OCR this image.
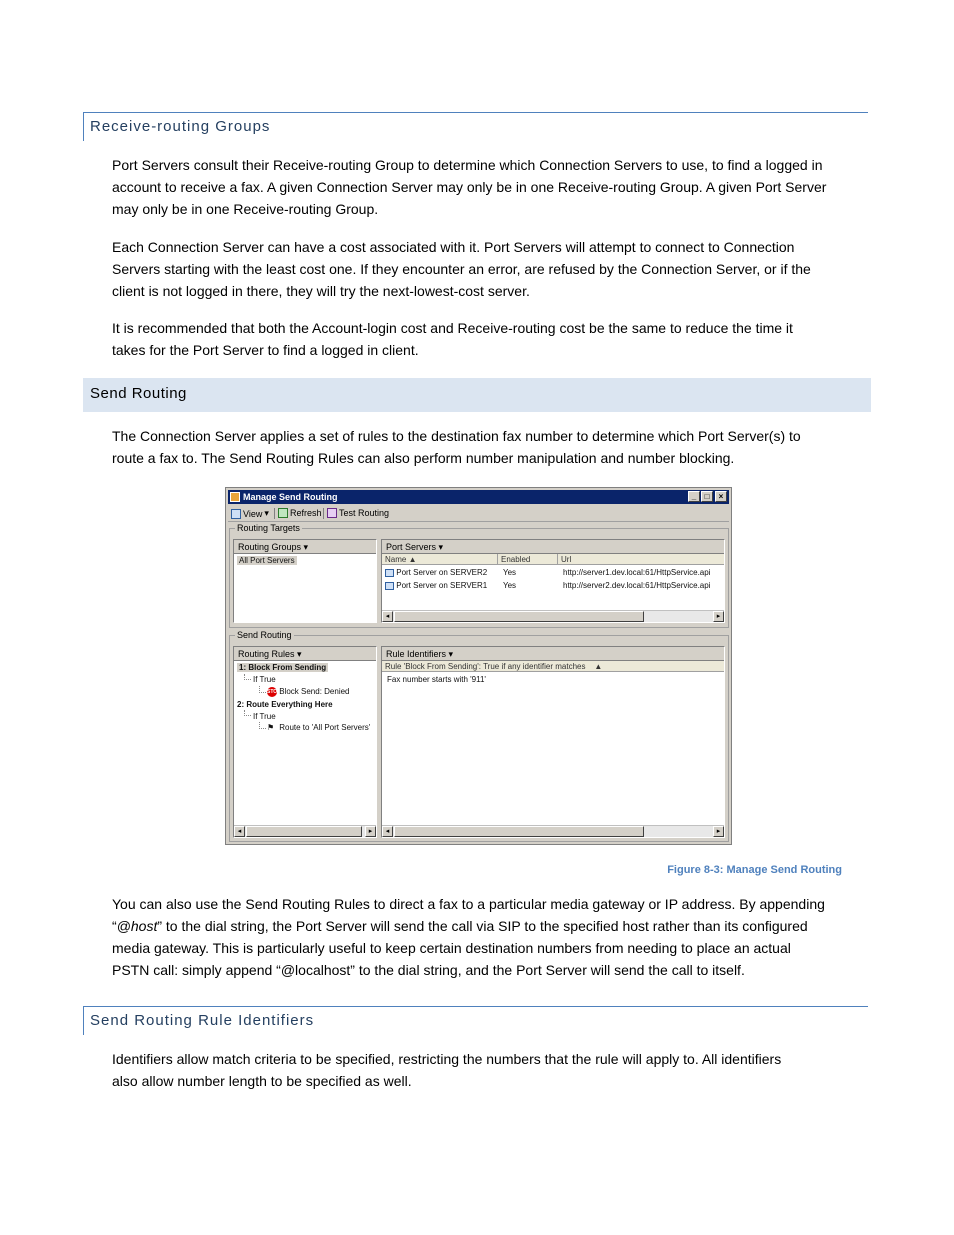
Receive-routing Groups
Port Servers consult their Receive-routing Group to determine which Connection Servers to use, to find a logged in
account to receive a fax. A given Connection Server may only be in one Receive-routing Group. A given Port Server
may only be in one Receive-routing Group.
Each Connection Server can have a cost associated with it. Port Servers will attempt to connect to Connection
Servers starting with the least cost one. If they encounter an error, are refused by the Connection Server, or if the
client is not logged in there, they will try the next-lowest-cost server.
It is recommended that both the Account-login cost and Receive-routing cost be the same to reduce the time it
takes for the Port Server to find a logged in client.
Send Routing
The Connection Server applies a set of rules to the destination fax number to determine which Port Server(s) to
route a fax to. The Send Routing Rules can also perform number manipulation and number blocking.
Manage Send Routing	_	□	×
View ▾ Refresh Test Routing
Routing Targets
Routing Groups ▾
All Port Servers
Port Servers ▾
Name ▲	Enabled	Url
Port Server on SERVER2 Yes	http://server1.dev.local:61/HttpService.api
Port Server on SERVER1 Yes	http://server2.dev.local:61/HttpService.api
◂	▸
Send Routing
Routing Rules ▾
1: Block From Sending
If True
STOP Block Send: Denied
2: Route Everything Here
If True
⚑ Route to 'All Port Servers'
◂	▸
Rule Identifiers ▾
Rule 'Block From Sending': True if any identifier matches    ▲
Fax number starts with '911'
◂	▸
Figure 8-3: Manage Send Routing
You can also use the Send Routing Rules to direct a fax to a particular media gateway or IP address. By appending
“@host” to the dial string, the Port Server will send the call via SIP to the specified host rather than its configured
media gateway. This is particularly useful to keep certain destination numbers from needing to place an actual
PSTN call: simply append “@localhost” to the dial string, and the Port Server will send the call to itself.
Send Routing Rule Identifiers
Identifiers allow match criteria to be specified, restricting the numbers that the rule will apply to. All identifiers
also allow number length to be specified as well.
